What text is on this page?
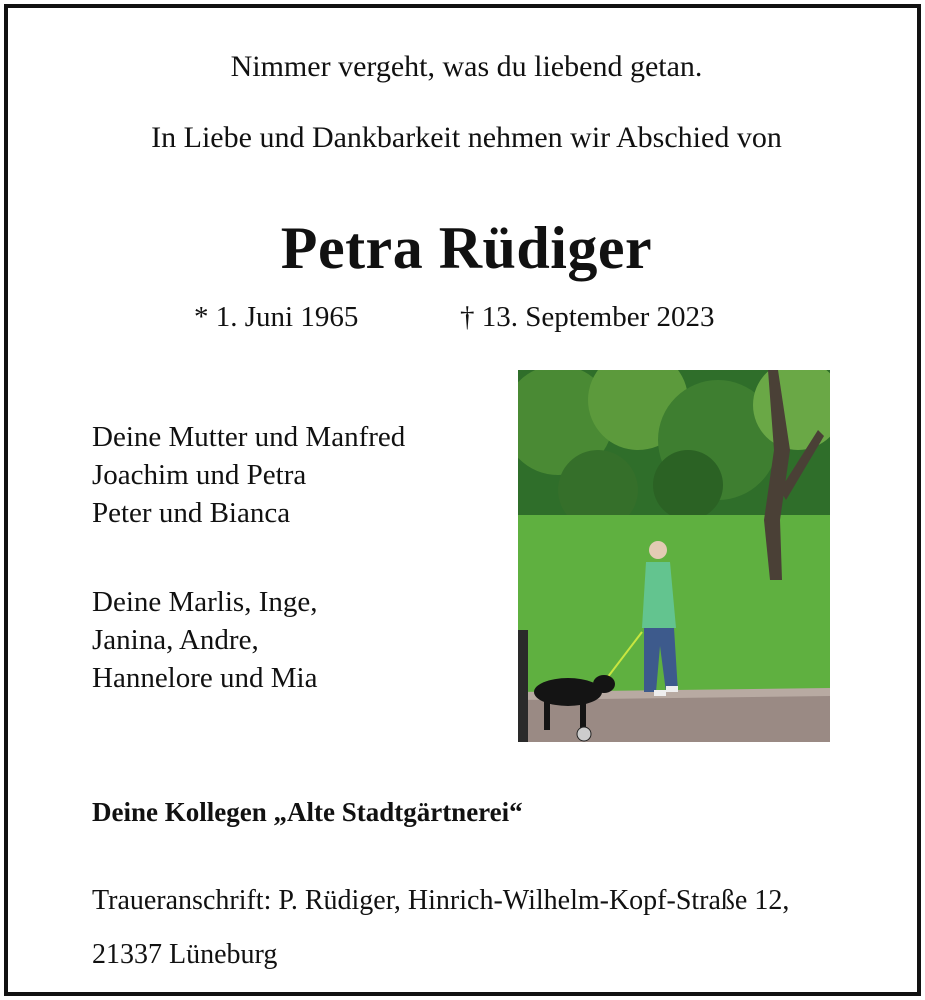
Nimmer vergeht, was du liebend getan.
In Liebe und Dankbarkeit nehmen wir Abschied von
Petra Rüdiger
* 1. Juni 1965	† 13. September 2023
Deine Mutter und Manfred
Joachim und Petra
Peter und Bianca
Deine Marlis, Inge,
Janina, Andre,
Hannelore und Mia
Deine Kollegen „Alte Stadtgärtnerei“
Traueranschrift: P. Rüdiger, Hinrich-Wilhelm-Kopf-Straße 12,
21337 Lüneburg
